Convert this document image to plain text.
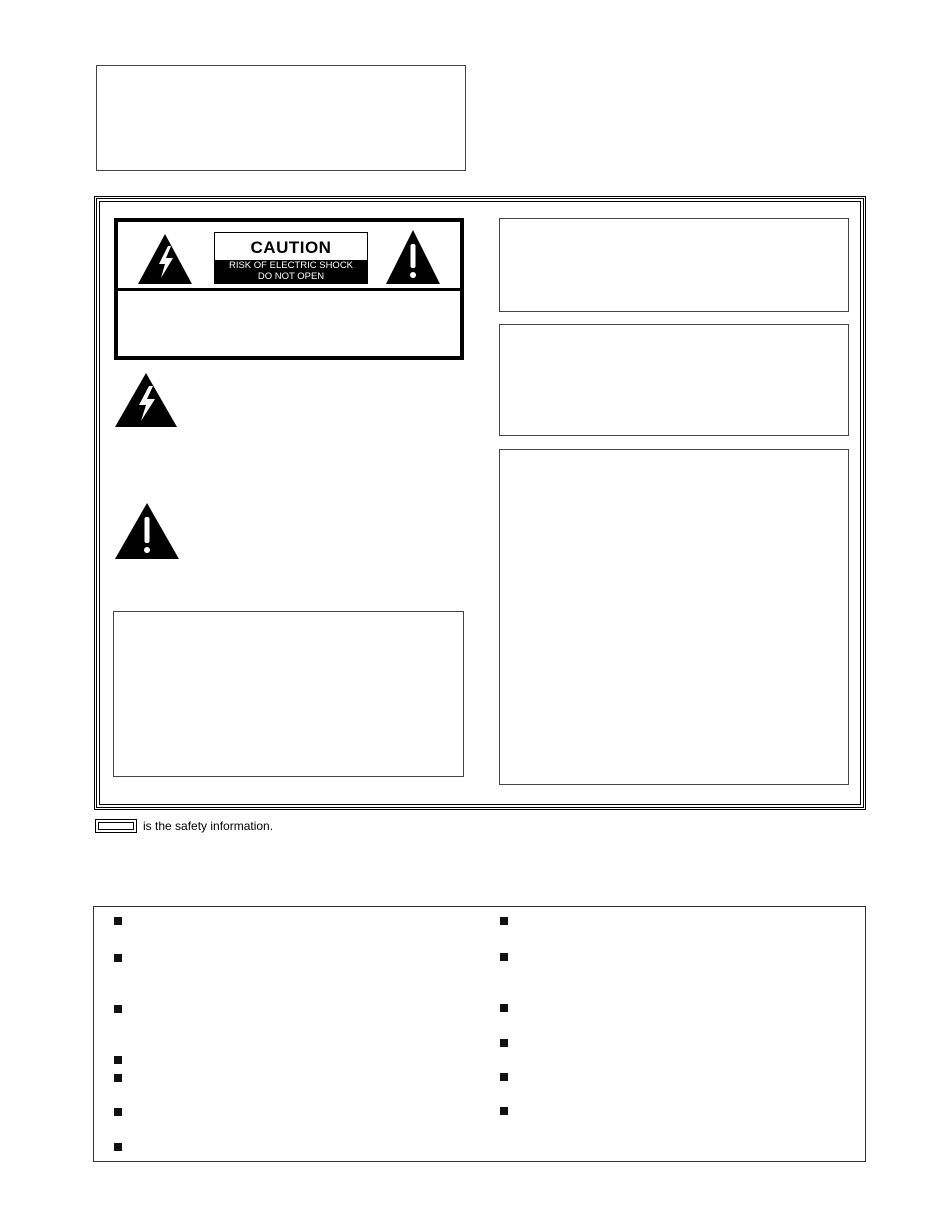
CAUTION
RISK OF ELECTRIC SHOCK
DO NOT OPEN
is the safety information.
